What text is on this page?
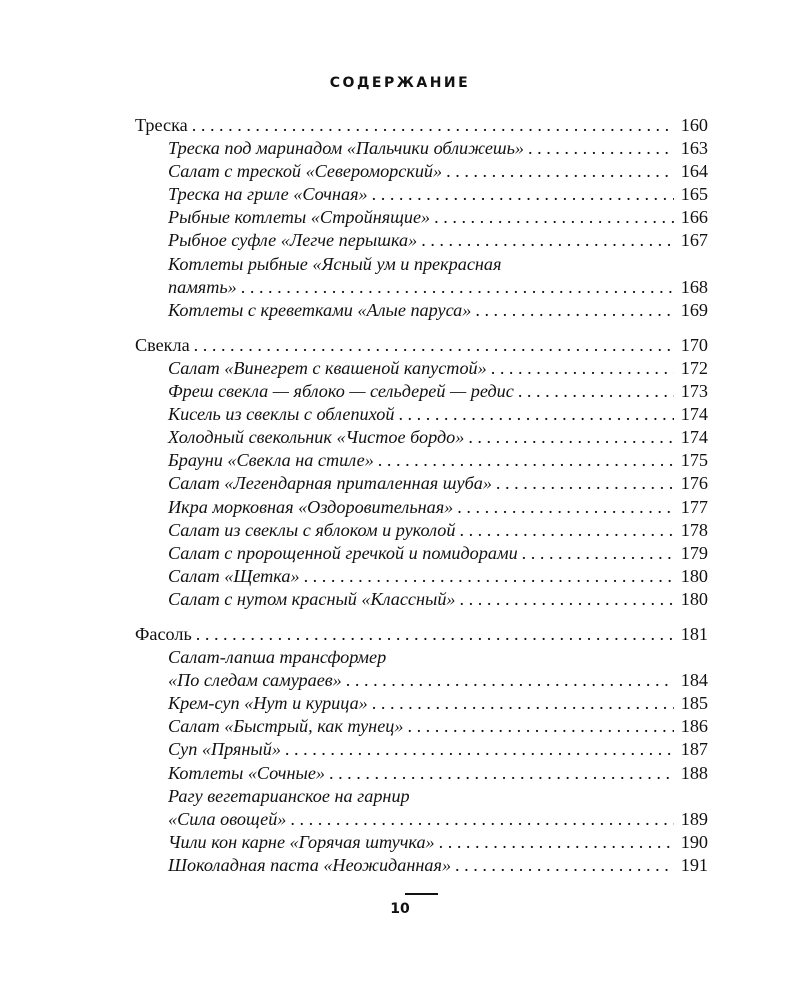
СОДЕРЖАНИЕ
Треска . . .	160
Треска под маринадом «Пальчики оближешь» . . .	163
Салат с треской «Североморский» . . .	164
Треска на гриле «Сочная» . . .	165
Рыбные котлеты «Стройнящие» . . .	166
Рыбное суфле «Легче перышка» . . .	167
Котлеты рыбные «Ясный ум и прекрасная
память» . . .	168
Котлеты с креветками «Алые паруса» . . .	169
Свекла . . .	170
Салат «Винегрет с квашеной капустой» . . .	172
Фреш свекла — яблоко — сельдерей — редис . . .	173
Кисель из свеклы с облепихой . . .	174
Холодный свекольник «Чистое бордо» . . .	174
Брауни «Свекла на стиле» . . .	175
Салат «Легендарная приталенная шуба» . . .	176
Икра морковная «Оздоровительная» . . .	177
Салат из свеклы с яблоком и руколой . . .	178
Салат с пророщенной гречкой и помидорами . . .	179
Салат «Щетка» . . .	180
Салат с нутом красный «Классный» . . .	180
Фасоль . . .	181
Салат-лапша трансформер
«По следам самураев» . . .	184
Крем-суп «Нут и курица» . . .	185
Салат «Быстрый, как тунец» . . .	186
Суп «Пряный» . . .	187
Котлеты «Сочные» . . .	188
Рагу вегетарианское на гарнир
«Сила овощей» . . .	189
Чили кон карне «Горячая штучка» . . .	190
Шоколадная паста «Неожиданная» . . .	191
10
